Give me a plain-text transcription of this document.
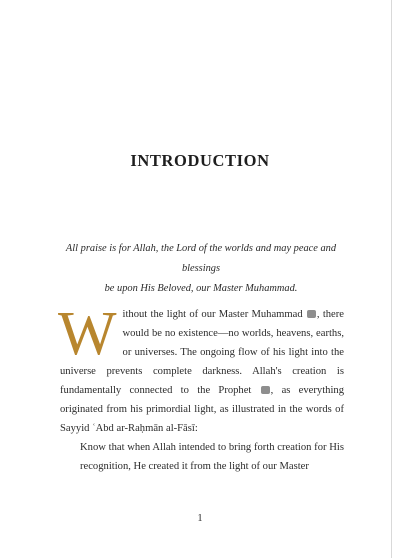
INTRODUCTION
All praise is for Allah, the Lord of the worlds and may peace and blessings
be upon His Beloved, our Master Muhammad.

Without the light of our Master Muhammad , there would be no existence—no worlds, heavens, earths, or universes. The ongoing flow of his light into the universe prevents complete darkness. Allah's creation is fundamentally connected to the Prophet , as everything originated from his primordial light, as illustrated in the words of Sayyid ʿAbd ar-Raḥmān al-Fāsī:

Know that when Allah intended to bring forth creation for His recognition, He created it from the light of our Master

1
